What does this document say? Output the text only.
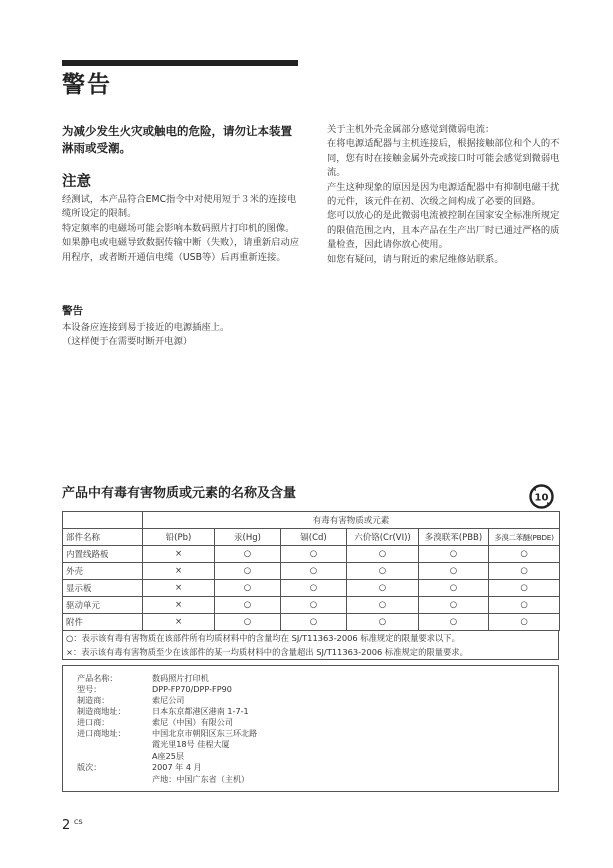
警告
为减少发生火灾或触电的危险，请勿让本装置淋雨或受潮。
注意
经测试，本产品符合EMC指令中对使用短于３米的连接电缆所设定的限制。
特定频率的电磁场可能会影响本数码照片打印机的图像。
如果静电或电磁导致数据传输中断（失败），请重新启动应用程序，或者断开通信电缆（USB等）后再重新连接。
警告
本设备应连接到易于接近的电源插座上。
（这样便于在需要时断开电源）
关于主机外壳金属部分感觉到微弱电流：
在将电源适配器与主机连接后，根据接触部位和个人的不同，您有时在接触金属外壳或接口时可能会感觉到微弱电流。
产生这种现象的原因是因为电源适配器中有抑制电磁干扰的元件，该元件在初、次级之间构成了必要的回路。
您可以放心的是此微弱电流被控制在国家安全标准所规定的限值范围之内，且本产品在生产出厂时已通过严格的质量检查，因此请你放心使用。
如您有疑问，请与附近的索尼维修站联系。
产品中有毒有害物质或元素的名称及含量	10
	有毒有害物质或元素					
部件名称	铅(Pb)	汞(Hg)	镉(Cd)	六价铬(Cr(VI))	多溴联苯(PBB)	多溴二苯醚(PBDE)
内置线路板	×	○	○	○	○	○
外壳	×	○	○	○	○	○
显示板	×	○	○	○	○	○
驱动单元	×	○	○	○	○	○
附件	×	○	○	○	○	○
○：表示该有毒有害物质在该部件所有均质材料中的含量均在 SJ/T11363-2006 标准规定的限量要求以下。
×：表示该有毒有害物质至少在该部件的某一均质材料中的含量超出 SJ/T11363-2006 标准规定的限量要求。
产品名称：	数码照片打印机
型号：	DPP-FP70/DPP-FP90
制造商：	索尼公司
制造商地址：	日本东京都港区港南 1-7-1
进口商：	索尼（中国）有限公司
进口商地址：	中国北京市朝阳区东三环北路
霞光里18号 佳程大厦
A座25层
版次：	2007 年 4 月
产地：中国广东省（主机）
2 CS
